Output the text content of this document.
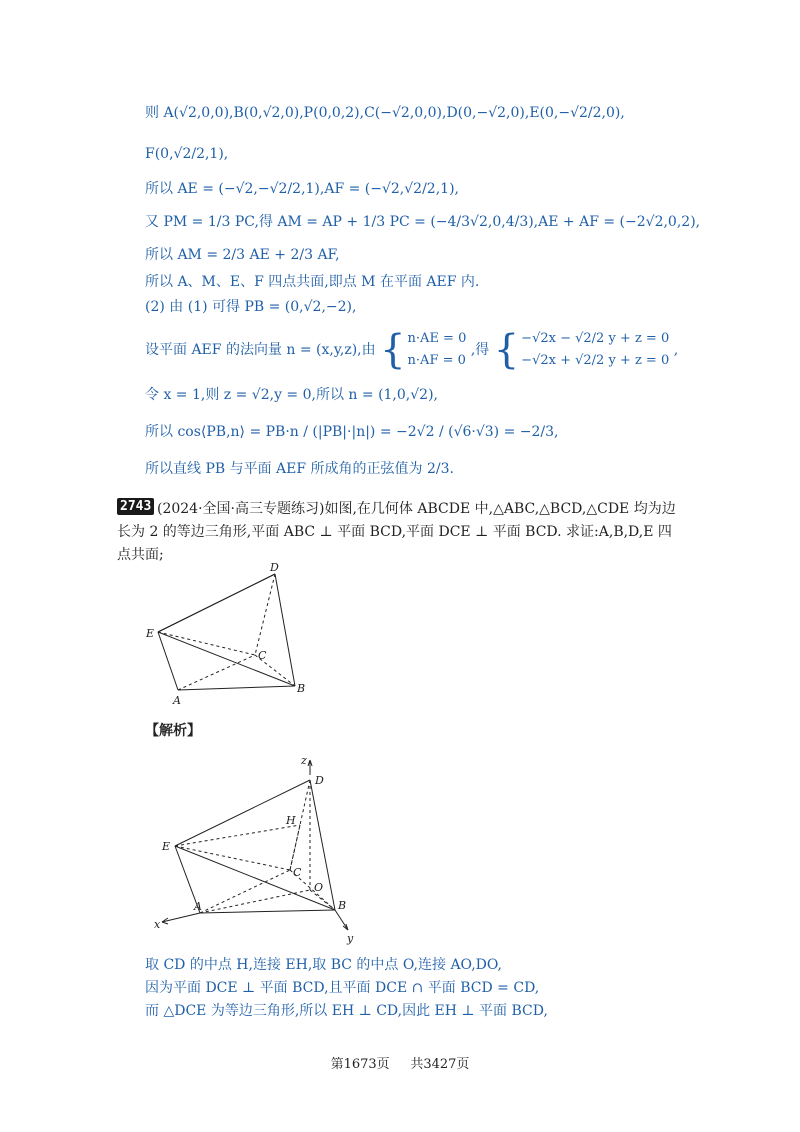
则 A(√2,0,0),B(0,√2,0),P(0,0,2),C(−√2,0,0),D(0,−√2,0),E(0,−√2/2,0),
F(0,√2/2,1),
所以 AE = (−√2,−√2/2,1),AF = (−√2,√2/2,1),
又 PM = 1/3 PC,得 AM = AP + 1/3 PC = (−4/3√2,0,4/3),AE + AF = (−2√2,0,2),
所以 AM = 2/3 AE + 2/3 AF,
所以 A、M、E、F 四点共面,即点 M 在平面 AEF 内.
(2) 由 (1) 可得 PB = (0,√2,−2),
设平面 AEF 的法向量 n = (x,y,z),由 { n·AE = 0
n·AF = 0
,得 { −√2x − √2/2 y + z = 0
−√2x + √2/2 y + z = 0
,
令 x = 1,则 z = √2,y = 0,所以 n = (1,0,√2),
所以 cos⟨PB,n⟩ = PB·n / (|PB|·|n|) = −2√2 / (√6·√3) = −2/3,
所以直线 PB 与平面 AEF 所成角的正弦值为 2/3.
(2024·全国·高三专题练习)如图,在几何体 ABCDE 中,△ABC,△BCD,△CDE 均为边长为 2 的等边三角形,平面 ABC ⊥ 平面 BCD,平面 DCE ⊥ 平面 BCD. 求证:A,B,D,E 四点共面;
2743
D
E
C
A
B
【解析】
z
D
H
E
C
O
A	B
x
y
取 CD 的中点 H,连接 EH,取 BC 的中点 O,连接 AO,DO,
因为平面 DCE ⊥ 平面 BCD,且平面 DCE ∩ 平面 BCD = CD,
而 △DCE 为等边三角形,所以 EH ⊥ CD,因此 EH ⊥ 平面 BCD,
第1673页 共3427页
